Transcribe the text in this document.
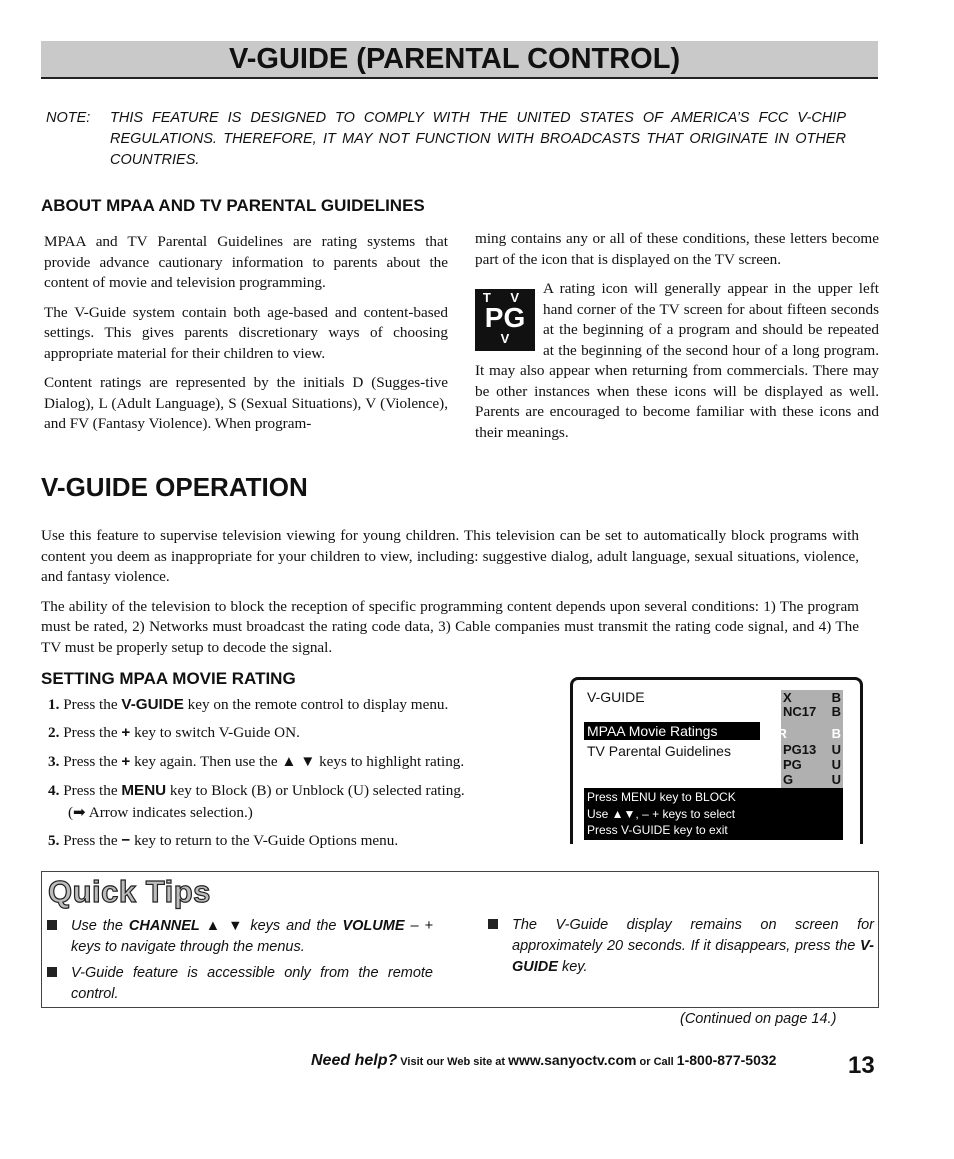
V-GUIDE (PARENTAL CONTROL)
NOTE: THIS FEATURE IS DESIGNED TO COMPLY WITH THE UNITED STATES OF AMERICA’S FCC V-CHIP REGULATIONS. THEREFORE, IT MAY NOT FUNCTION WITH BROADCASTS THAT ORIGINATE IN OTHER COUNTRIES.
ABOUT MPAA AND TV PARENTAL GUIDELINES

MPAA and TV Parental Guidelines are rating systems that provide advance cautionary information to parents about the content of movie and television programming.

The V-Guide system contain both age-based and content-based settings. This gives parents discretionary ways of choosing appropriate material for their children to view.

Content ratings are represented by the initials D (Sugges-tive Dialog), L (Adult Language), S (Sexual Situations), V (Violence), and FV (Fantasy Violence). When program-

ming contains any or all of these conditions, these letters become part of the icon that is displayed on the TV screen.

T V
PG
V

A rating icon will generally appear in the upper left hand corner of the TV screen for about fifteen seconds at the beginning of a program and should be repeated at the beginning of the second hour of a long program. It may also appear when returning from commercials. There may be other instances when these icons will be displayed as well. Parents are encouraged to become familiar with these icons and their meanings.

V-GUIDE OPERATION

Use this feature to supervise television viewing for young children. This television can be set to automatically block programs with content you deem as inappropriate for your children to view, including: suggestive dialog, adult language, sexual situations, violence, and fantasy violence.

The ability of the television to block the reception of specific programming content depends upon several conditions: 1) The program must be rated, 2) Networks must broadcast the rating code data, 3) Cable companies must transmit the rating code signal, and 4) The TV must be properly setup to decode the signal.

SETTING MPAA MOVIE RATING
1. Press the V-GUIDE key on the remote control to display menu.
2. Press the + key to switch V-Guide ON.
3. Press the + key again. Then use the ▲ ▼ keys to highlight rating.
4. Press the MENU key to Block (B) or Unblock (U) selected rating.
(➡ Arrow indicates selection.)
5. Press the − key to return to the V-Guide Options menu.
V-GUIDE
MPAA Movie Ratings
TV Parental Guidelines
X	B
NC17 B
➡ R	B
PG13 U
PG U
G	U
Press MENU key to BLOCK
Use ▲▼, – + keys to select
Press V-GUIDE key to exit
Quick Tips
Use the CHANNEL ▲ ▼ keys and the VOLUME – + keys to navigate through the menus.
V-Guide feature is accessible only from the remote control.
The V-Guide display remains on screen for approximately 20 seconds. If it disappears, press the V-GUIDE key.
(Continued on page 14.)
Need help? Visit our Web site at www.sanyoctv.com or Call 1-800-877-5032	13
